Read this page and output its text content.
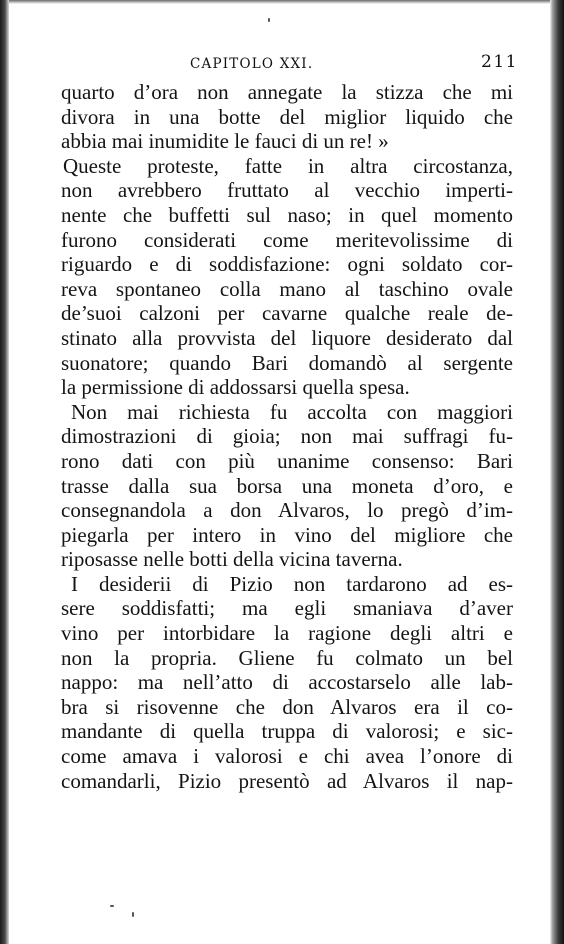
CAPITOLO XXI.	211
quarto d’ora non annegate la stizza che mi
divora in una botte del miglior liquido che
abbia mai inumidite le fauci di un re! »
Queste proteste, fatte in altra circostanza,
non avrebbero fruttato al vecchio imperti-
nente che buffetti sul naso; in quel momento
furono considerati come meritevolissime di
riguardo e di soddisfazione: ogni soldato cor-
reva spontaneo colla mano al taschino ovale
de’suoi calzoni per cavarne qualche reale de-
stinato alla provvista del liquore desiderato dal
suonatore; quando Bari domandò al sergente
la permissione di addossarsi quella spesa.
Non mai richiesta fu accolta con maggiori
dimostrazioni di gioia; non mai suffragi fu-
rono dati con più unanime consenso: Bari
trasse dalla sua borsa una moneta d’oro, e
consegnandola a don Alvaros, lo pregò d’im-
piegarla per intero in vino del migliore che
riposasse nelle botti della vicina taverna.
I desiderii di Pizio non tardarono ad es-
sere soddisfatti; ma egli smaniava d’aver
vino per intorbidare la ragione degli altri e
non la propria. Gliene fu colmato un bel
nappo: ma nell’atto di accostarselo alle lab-
bra si risovenne che don Alvaros era il co-
mandante di quella truppa di valorosi; e sic-
come amava i valorosi e chi avea l’onore di
comandarli, Pizio presentò ad Alvaros il nap-
